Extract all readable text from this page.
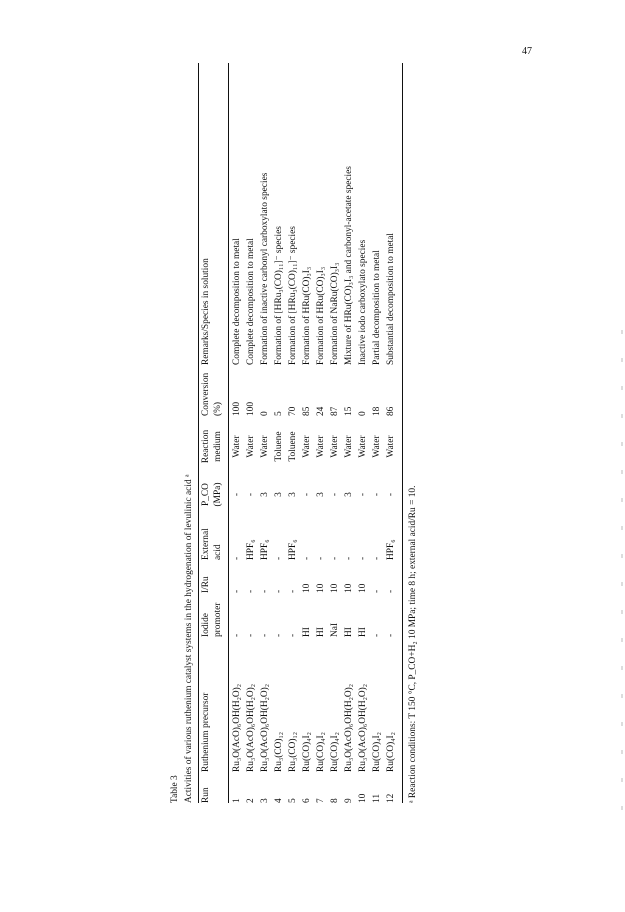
47
Table 3 Activities of various ruthenium catalyst systems in the hydrogenation of levulinic acid ᵃ Run
Ruthenium precursor
Iodide promoter
I/Ru
External acid
P_CO (MPa)
Reaction medium
Conversion (%)
Remarks/Species in solution
1
Ru₃O(AcO)₆OH(H₂O)₂
-
-
-
-
Water
100
Complete decomposition to metal
2
Ru₃O(AcO)₆OH(H₂O)₂
-
-
HPF₆
-
Water
100
Complete decomposition to metal
3
Ru₃O(AcO)₆OH(H₂O)₂
-
-
HPF₆
3
Water
0
Formation of inactive carbonyl carboxylato species
4
Ru₃(CO)₁₂
-
-
-
3
Toluene
5
Formation of [HRu₃(CO)₁₁]⁻ species
5
Ru₃(CO)₁₂
-
-
HPF₆
3
Toluene
70
Formation of [HRu₃(CO)₁₁]⁻ species
6
Ru(CO)₄I₂
HI
10
-
-
Water
85
Formation of HRu(CO)₃I₃
7
Ru(CO)₄I₂
HI
10
-
3
Water
24
Formation of HRu(CO)₃I₃
8
Ru(CO)₄I₂
NaI
10
-
-
Water
87
Formation of NaRu(CO)₃I₃
9
Ru₃O(AcO)₆OH(H₂O)₂
HI
10
-
3
Water
15
Mixture of HRu(CO)₃I₃ and carbonyl-acetate species
10
Ru₃O(AcO)₆OH(H₂O)₂
HI
10
-
-
Water
0
Inactive iodo carboxylato species
11
Ru(CO)₄I₂
-
-
-
-
Water
18
Partial decomposition to metal
12
Ru(CO)₄I₂
-
-
HPF₆
-
Water
86
Substantial decomposition to metal
ᵃ Reaction conditions: T 150 °C, P_CO+H₂ 10 MPa; time 8 h; external acid/Ru = 10.
